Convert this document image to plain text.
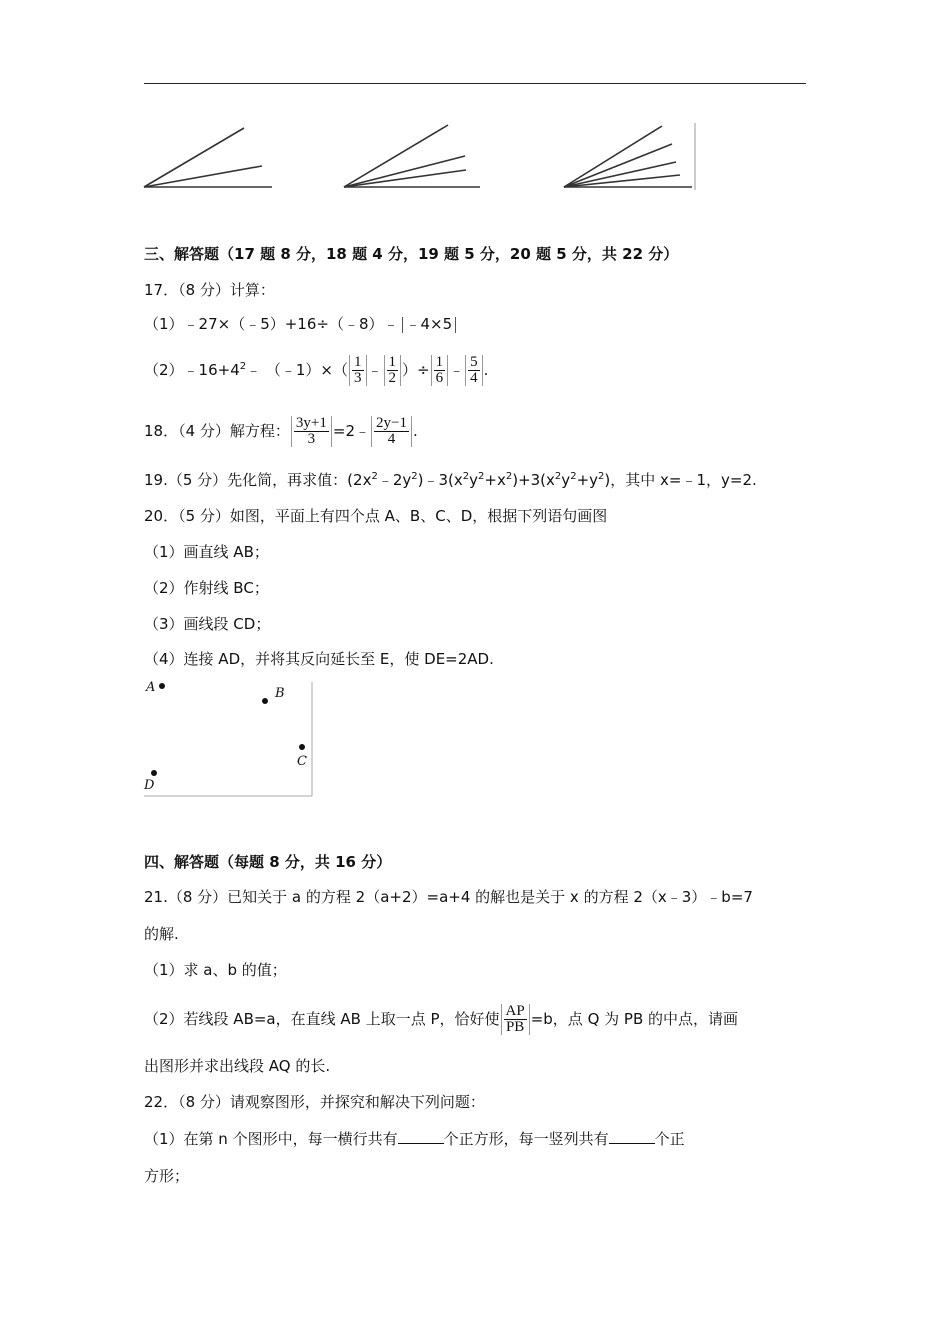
三、解答题（17 题 8 分，18 题 4 分，19 题 5 分，20 题 5 分，共 22 分）
17．（8 分）计算：
（1）﹣27×（﹣5）+16÷（﹣8）﹣ ﹣4×5
$(2)﹣16+4^2﹣$ （﹣1）×（ $\frac{1}{3}$ ﹣ $\frac{1}{2}$ ）÷ $\frac{1}{6}$ ﹣ $\frac{5}{4}$ .
18．（4 分）解方程： $\frac{3y+1}{3}$ =2﹣ $\frac{2y-1}{4}$ .
19.（5 分）先化简，再求值：$(2x^2﹣2y^2)﹣3(x^2y^2+x^2)+3(x^2y^2+y^2)$，其中 x=﹣1，y=2.
20．（5 分）如图，平面上有四个点 A、B、C、D，根据下列语句画图
（1）画直线 AB；
（2）作射线 BC；
（3）画线段 CD；
（4）连接 AD，并将其反向延长至 E，使 DE=2AD.
A	B
C
D
四、解答题（每题 8 分，共 16 分）
21.（8 分）已知关于 a 的方程 2（a+2）=a+4 的解也是关于 x 的方程 2（x﹣3）﹣b=7
的解.
（1）求 a、b 的值；
（2）若线段 AB=a，在直线 AB 上取一点 P，恰好使 $\frac{AP}{PB} =b$，点 Q 为 PB 的中点，请画
出图形并求出线段 AQ 的长.
22．（8 分）请观察图形，并探究和解决下列问题：
（1）在第 n 个图形中，每一横行共有	个正方形，每一竖列共有	个正
方形；
